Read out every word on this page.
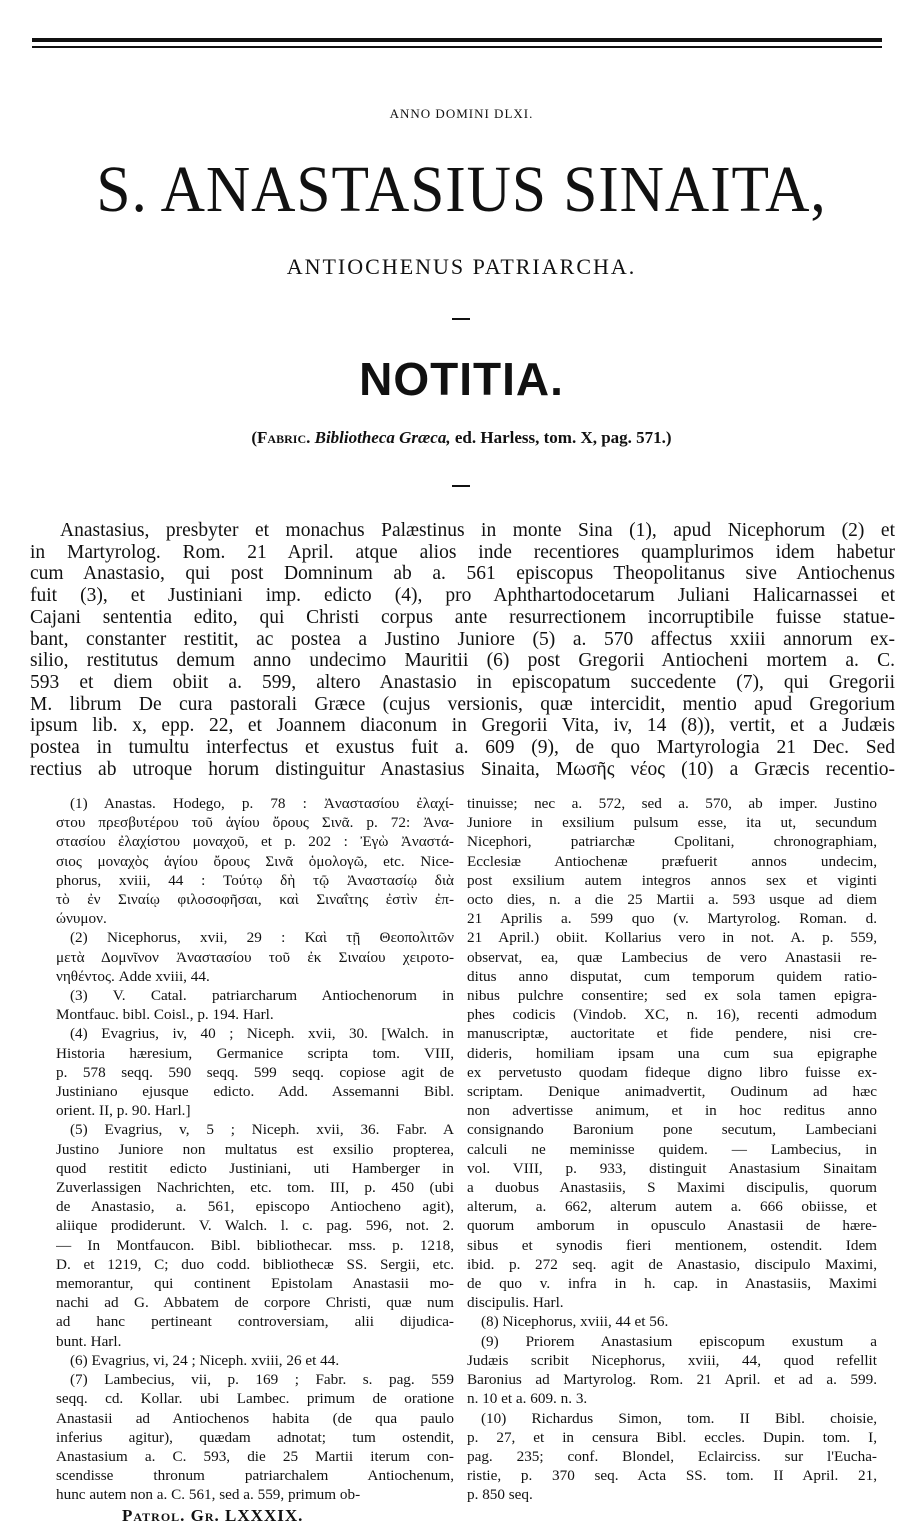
ANNO DOMINI DLXI.
S. ANASTASIUS SINAITA,
ANTIOCHENUS PATRIARCHA.
NOTITIA.
(Fabric. Bibliotheca Græca, ed. Harless, tom. X, pag. 571.)
Anastasius, presbyter et monachus Palæstinus in monte Sina (1), apud Nicephorum (2) et
in Martyrolog. Rom. 21 April. atque alios inde recentiores quamplurimos idem habetur
cum Anastasio, qui post Domninum ab a. 561 episcopus Theopolitanus sive Antiochenus
fuit (3), et Justiniani imp. edicto (4), pro Aphthartodocetarum Juliani Halicarnassei et
Cajani sententia edito, qui Christi corpus ante resurrectionem incorruptibile fuisse statue-
bant, constanter restitit, ac postea a Justino Juniore (5) a. 570 affectus xxiii annorum ex-
silio, restitutus demum anno undecimo Mauritii (6) post Gregorii Antiocheni mortem a. C.
593 et diem obiit a. 599, altero Anastasio in episcopatum succedente (7), qui Gregorii
M. librum De cura pastorali Græce (cujus versionis, quæ intercidit, mentio apud Gregorium
ipsum lib. x, epp. 22, et Joannem diaconum in Gregorii Vita, iv, 14 (8)), vertit, et a Judæis
postea in tumultu interfectus et exustus fuit a. 609 (9), de quo Martyrologia 21 Dec. Sed
rectius ab utroque horum distinguitur Anastasius Sinaita, Μωσῆς νέος (10) a Græcis recentio-
(1) Anastas. Hodego, p. 78 : Ἀναστασίου ἐλαχί-
στου πρεσβυτέρου τοῦ ἁγίου ὄρους Σινᾶ. p. 72: Ἀνα-
στασίου ἐλαχίστου μοναχοῦ, et p. 202 : Ἐγὼ Ἀναστά-
σιος μοναχὸς ἁγίου ὄρους Σινᾶ ὁμολογῶ, etc. Nice-
phorus, xviii, 44 : Τούτῳ δὴ τῷ Ἀναστασίῳ διὰ
τὸ ἐν Σιναίῳ φιλοσοφῆσαι, καὶ Σιναΐτης ἐστὶν ἐπ-
ώνυμον.
(2) Nicephorus, xvii, 29 : Καὶ τῇ Θεοπολιτῶν
μετὰ Δομνῖνον Ἀναστασίου τοῦ ἐκ Σιναίου χειροτο-
νηθέντος. Adde xviii, 44.
(3) V. Catal. patriarcharum Antiochenorum in
Montfauc. bibl. Coisl., p. 194. Harl.
(4) Evagrius, iv, 40 ; Niceph. xvii, 30. [Walch. in
Historia hæresium, Germanice scripta tom. VIII,
p. 578 seqq. 590 seqq. 599 seqq. copiose agit de
Justiniano ejusque edicto. Add. Assemanni Bibl.
orient. II, p. 90. Harl.]
(5) Evagrius, v, 5 ; Niceph. xvii, 36. Fabr. A
Justino Juniore non multatus est exsilio propterea,
quod restitit edicto Justiniani, uti Hamberger in
Zuverlassigen Nachrichten, etc. tom. III, p. 450 (ubi
de Anastasio, a. 561, episcopo Antiocheno agit),
aliique prodiderunt. V. Walch. l. c. pag. 596, not. 2.
— In Montfaucon. Bibl. bibliothecar. mss. p. 1218,
D. et 1219, C; duo codd. bibliothecæ SS. Sergii, etc.
memorantur, qui continent Epistolam Anastasii mo-
nachi ad G. Abbatem de corpore Christi, quæ num
ad hanc pertineant controversiam, alii dijudica-
bunt. Harl.
(6) Evagrius, vi, 24 ; Niceph. xviii, 26 et 44.
(7) Lambecius, vii, p. 169 ; Fabr. s. pag. 559
seqq. cd. Kollar. ubi Lambec. primum de oratione
Anastasii ad Antiochenos habita (de qua paulo
inferius agitur), quædam adnotat; tum ostendit,
Anastasium a. C. 593, die 25 Martii iterum con-
scendisse thronum patriarchalem Antiochenum,
hunc autem non a. C. 561, sed a. 559, primum ob-
tinuisse; nec a. 572, sed a. 570, ab imper. Justino
Juniore in exsilium pulsum esse, ita ut, secundum
Nicephori, patriarchæ Cpolitani, chronographiam,
Ecclesiæ Antiochenæ præfuerit annos undecim,
post exsilium autem integros annos sex et viginti
octo dies, n. a die 25 Martii a. 593 usque ad diem
21 Aprilis a. 599 quo (v. Martyrolog. Roman. d.
21 April.) obiit. Kollarius vero in not. A. p. 559,
observat, ea, quæ Lambecius de vero Anastasii re-
ditus anno disputat, cum temporum quidem ratio-
nibus pulchre consentire; sed ex sola tamen epigra-
phes codicis (Vindob. XC, n. 16), recenti admodum
manuscriptæ, auctoritate et fide pendere, nisi cre-
dideris, homiliam ipsam una cum sua epigraphe
ex pervetusto quodam fideque digno libro fuisse ex-
scriptam. Denique animadvertit, Oudinum ad hæc
non advertisse animum, et in hoc reditus anno
consignando Baronium pone secutum, Lambeciani
calculi ne meminisse quidem. — Lambecius, in
vol. VIII, p. 933, distinguit Anastasium Sinaitam
a duobus Anastasiis, S Maximi discipulis, quorum
alterum, a. 662, alterum autem a. 666 obiisse, et
quorum amborum in opusculo Anastasii de hære-
sibus et synodis fieri mentionem, ostendit. Idem
ibid. p. 272 seq. agit de Anastasio, discipulo Maximi,
de quo v. infra in h. cap. in Anastasiis, Maximi
discipulis. Harl.
(8) Nicephorus, xviii, 44 et 56.
(9) Priorem Anastasium episcopum exustum a
Judæis scribit Nicephorus, xviii, 44, quod refellit
Baronius ad Martyrolog. Rom. 21 April. et ad a. 599.
n. 10 et a. 609. n. 3.
(10) Richardus Simon, tom. II Bibl. choisie,
p. 27, et in censura Bibl. eccles. Dupin. tom. I,
pag. 235; conf. Blondel, Eclairciss. sur l'Eucha-
ristie, p. 370 seq. Acta SS. tom. II April. 21,
p. 850 seq.
Patrol. Gr. LXXXIX.
